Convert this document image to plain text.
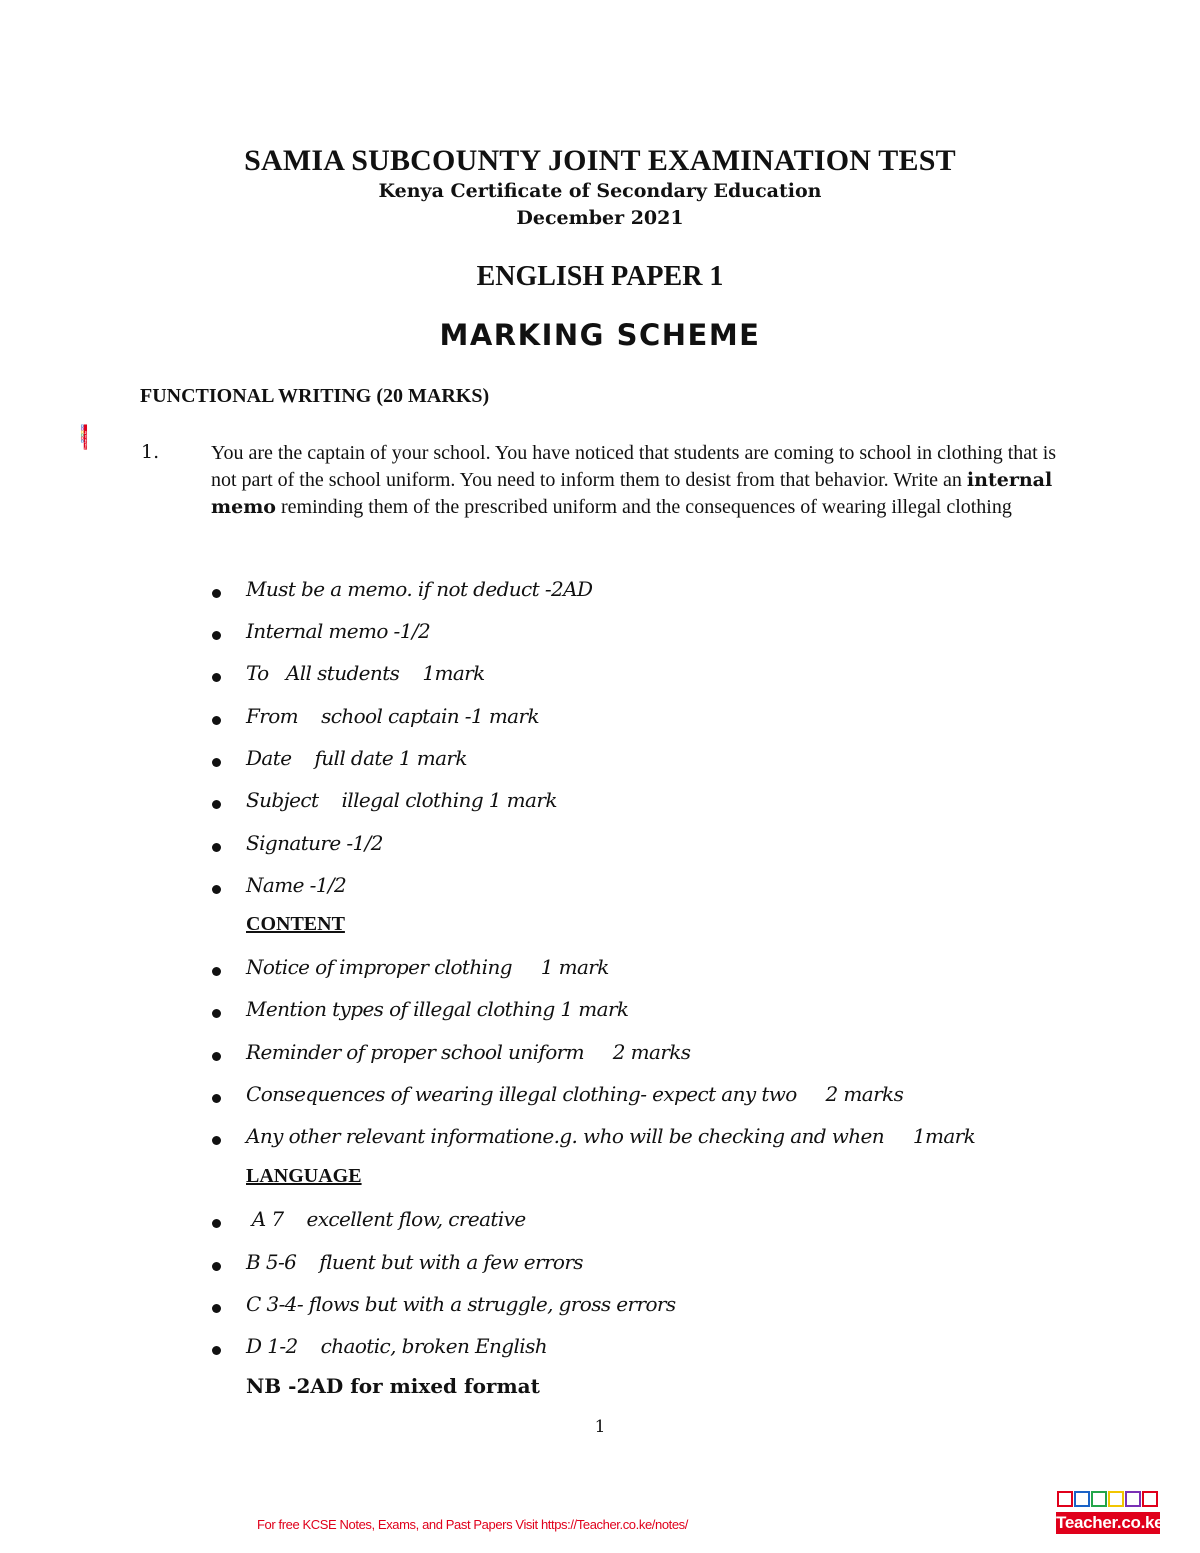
SAMIA SUBCOUNTY JOINT EXAMINATION TEST
Kenya Certificate of Secondary Education
December 2021
ENGLISH PAPER 1
MARKING SCHEME
FUNCTIONAL WRITING (20 MARKS)
1.	You are the captain of your school. You have noticed that students are coming to school in clothing that is not part of the school uniform. You need to inform them to desist from that behavior. Write an internal memo reminding them of the prescribed uniform and the consequences of wearing illegal clothing
Must be a memo. if not deduct -2AD
Internal memo -1/2
To   All students    1mark
From    school captain -1 mark
Date    full date 1 mark
Subject    illegal clothing 1 mark
Signature -1/2
Name -1/2
CONTENT
Notice of improper clothing     1 mark
Mention types of illegal clothing 1 mark
Reminder of proper school uniform     2 marks
Consequences of wearing illegal clothing- expect any two     2 marks
Any other relevant informatione.g. who will be checking and when     1mark
LANGUAGE
A 7    excellent flow, creative
B 5-6    fluent but with a few errors
C 3-4- flows but with a struggle, gross errors
D 1-2    chaotic, broken English
NB -2AD for mixed format
1
For free KCSE Notes, Exams, and Past Papers Visit https://Teacher.co.ke/notes/
Teacher.co.ke
Teacher.co.ke
